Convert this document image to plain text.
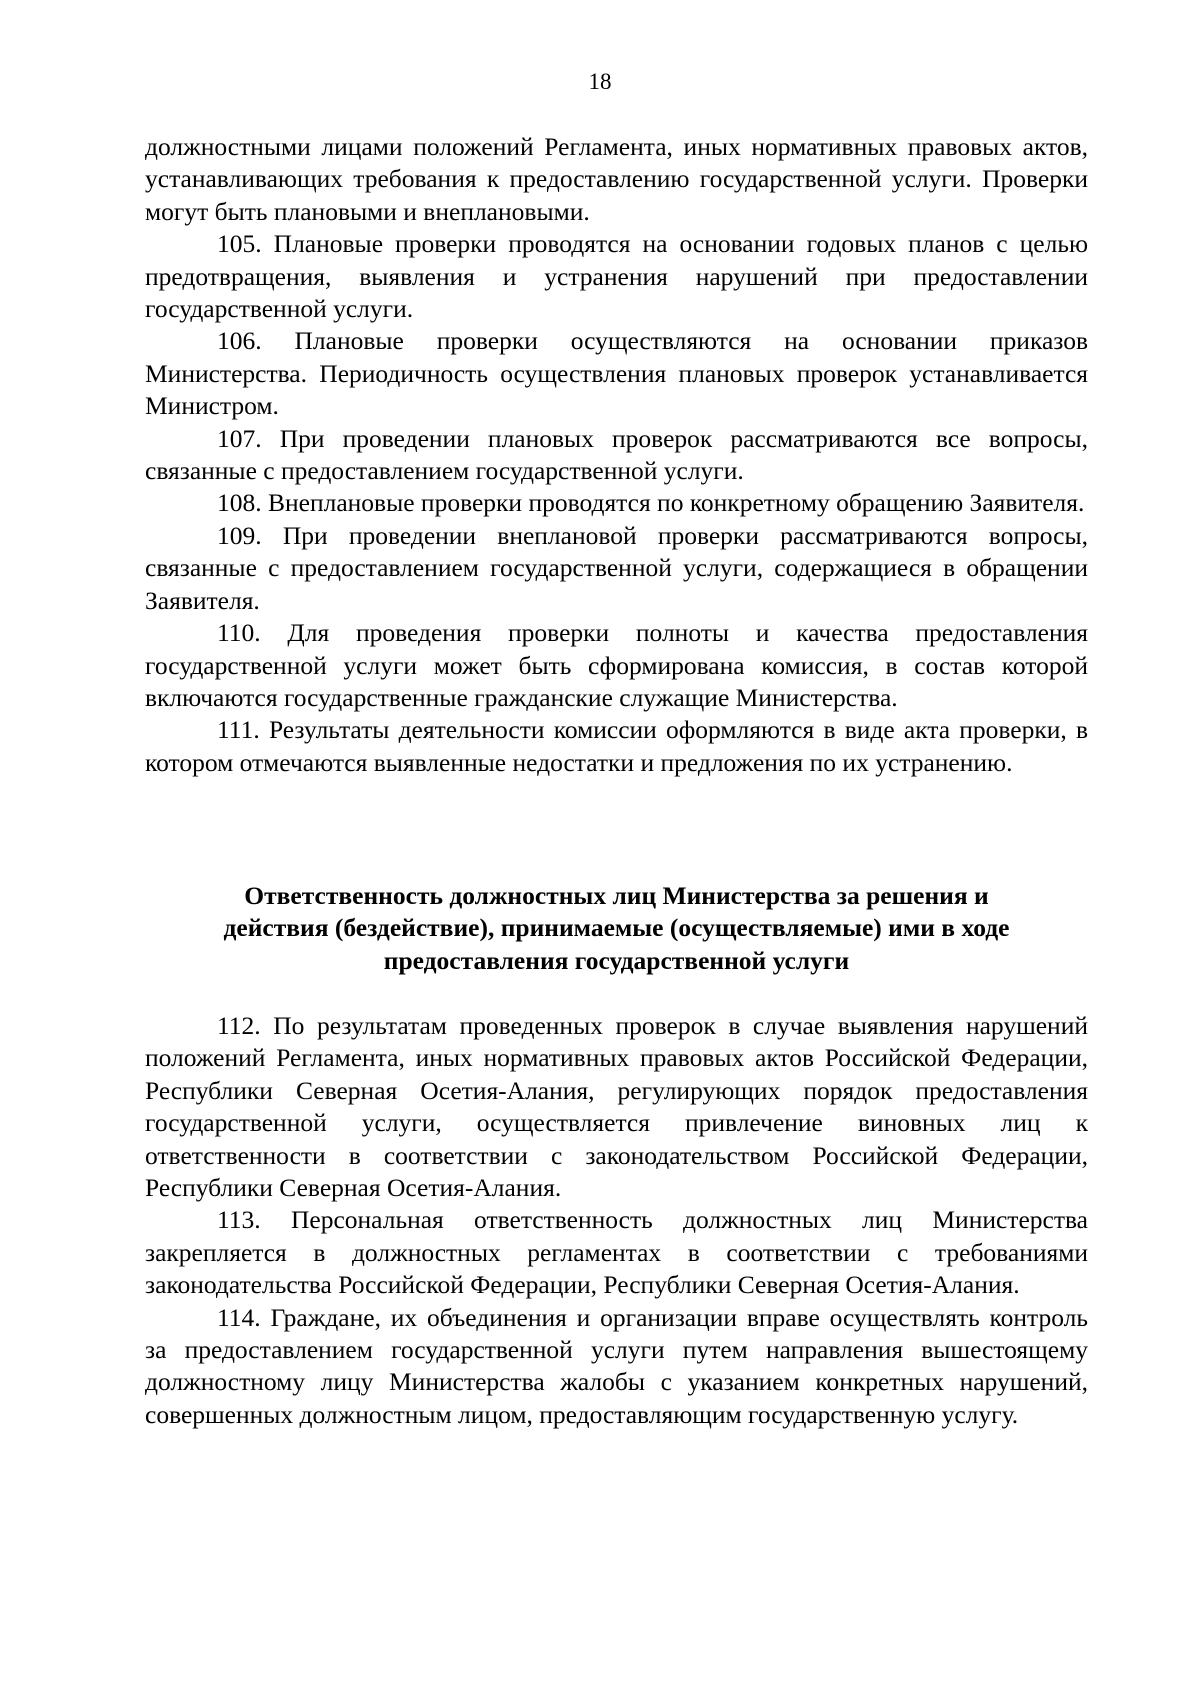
18

должностными лицами положений Регламента, иных нормативных правовых актов, устанавливающих требования к предоставлению государственной услуги. Проверки могут быть плановыми и внеплановыми.

105. Плановые проверки проводятся на основании годовых планов с целью предотвращения, выявления и устранения нарушений при предоставлении государственной услуги.

106. Плановые проверки осуществляются на основании приказов Министерства. Периодичность осуществления плановых проверок устанавливается Министром.

107. При проведении плановых проверок рассматриваются все вопросы, связанные с предоставлением государственной услуги.

108. Внеплановые проверки проводятся по конкретному обращению Заявителя.

109. При проведении внеплановой проверки рассматриваются вопросы, связанные с предоставлением государственной услуги, содержащиеся в обращении Заявителя.

110. Для проведения проверки полноты и качества предоставления государственной услуги может быть сформирована комиссия, в состав которой включаются государственные гражданские служащие Министерства.

111. Результаты деятельности комиссии оформляются в виде акта проверки, в котором отмечаются выявленные недостатки и предложения по их устранению.

Ответственность должностных лиц Министерства за решения и
действия (бездействие), принимаемые (осуществляемые) ими в ходе
предоставления государственной услуги

112. По результатам проведенных проверок в случае выявления нарушений положений Регламента, иных нормативных правовых актов Российской Федерации, Республики Северная Осетия-Алания, регулирующих порядок предоставления государственной услуги, осуществляется привлечение виновных лиц к ответственности в соответствии с законодательством Российской Федерации, Республики Северная Осетия-Алания.

113. Персональная ответственность должностных лиц Министерства закрепляется в должностных регламентах в соответствии с требованиями законодательства Российской Федерации, Республики Северная Осетия-Алания.

114. Граждане, их объединения и организации вправе осуществлять контроль за предоставлением государственной услуги путем направления вышестоящему должностному лицу Министерства жалобы с указанием конкретных нарушений, совершенных должностным лицом, предоставляющим государственную услугу.
